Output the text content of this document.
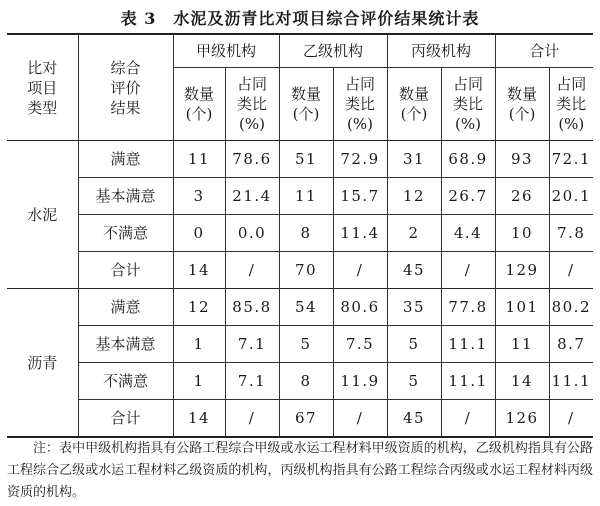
表 3　水泥及沥青比对项目综合评价结果统计表
比对项目类型	综合评价结果	甲级机构		乙级机构		丙级机构		合计	

		数量(个)	占同类比(%)	数量(个)	占同类比(%)	数量(个)	占同类比(%)	数量(个)	占同类比(%)

水泥	满意	11	78.6	51	72.9	31	68.9	93	72.1
	基本满意	3	21.4	11	15.7	12	26.7	26	20.1
	不满意	0	0.0	8	11.4	2	4.4	10	7.8
	合计	14	/	70	/	45	/	129	/
沥青	满意	12	85.8	54	80.6	35	77.8	101	80.2
	基本满意	1	7.1	5	7.5	5	11.1	11	8.7
	不满意	1	7.1	8	11.9	5	11.1	14	11.1
	合计	14	/	67	/	45	/	126	/
注：表中甲级机构指具有公路工程综合甲级或水运工程材料甲级资质的机构，乙级机构指具有公路工程综合乙级或水运工程材料乙级资质的机构，丙级机构指具有公路工程综合丙级或水运工程材料丙级资质的机构。
